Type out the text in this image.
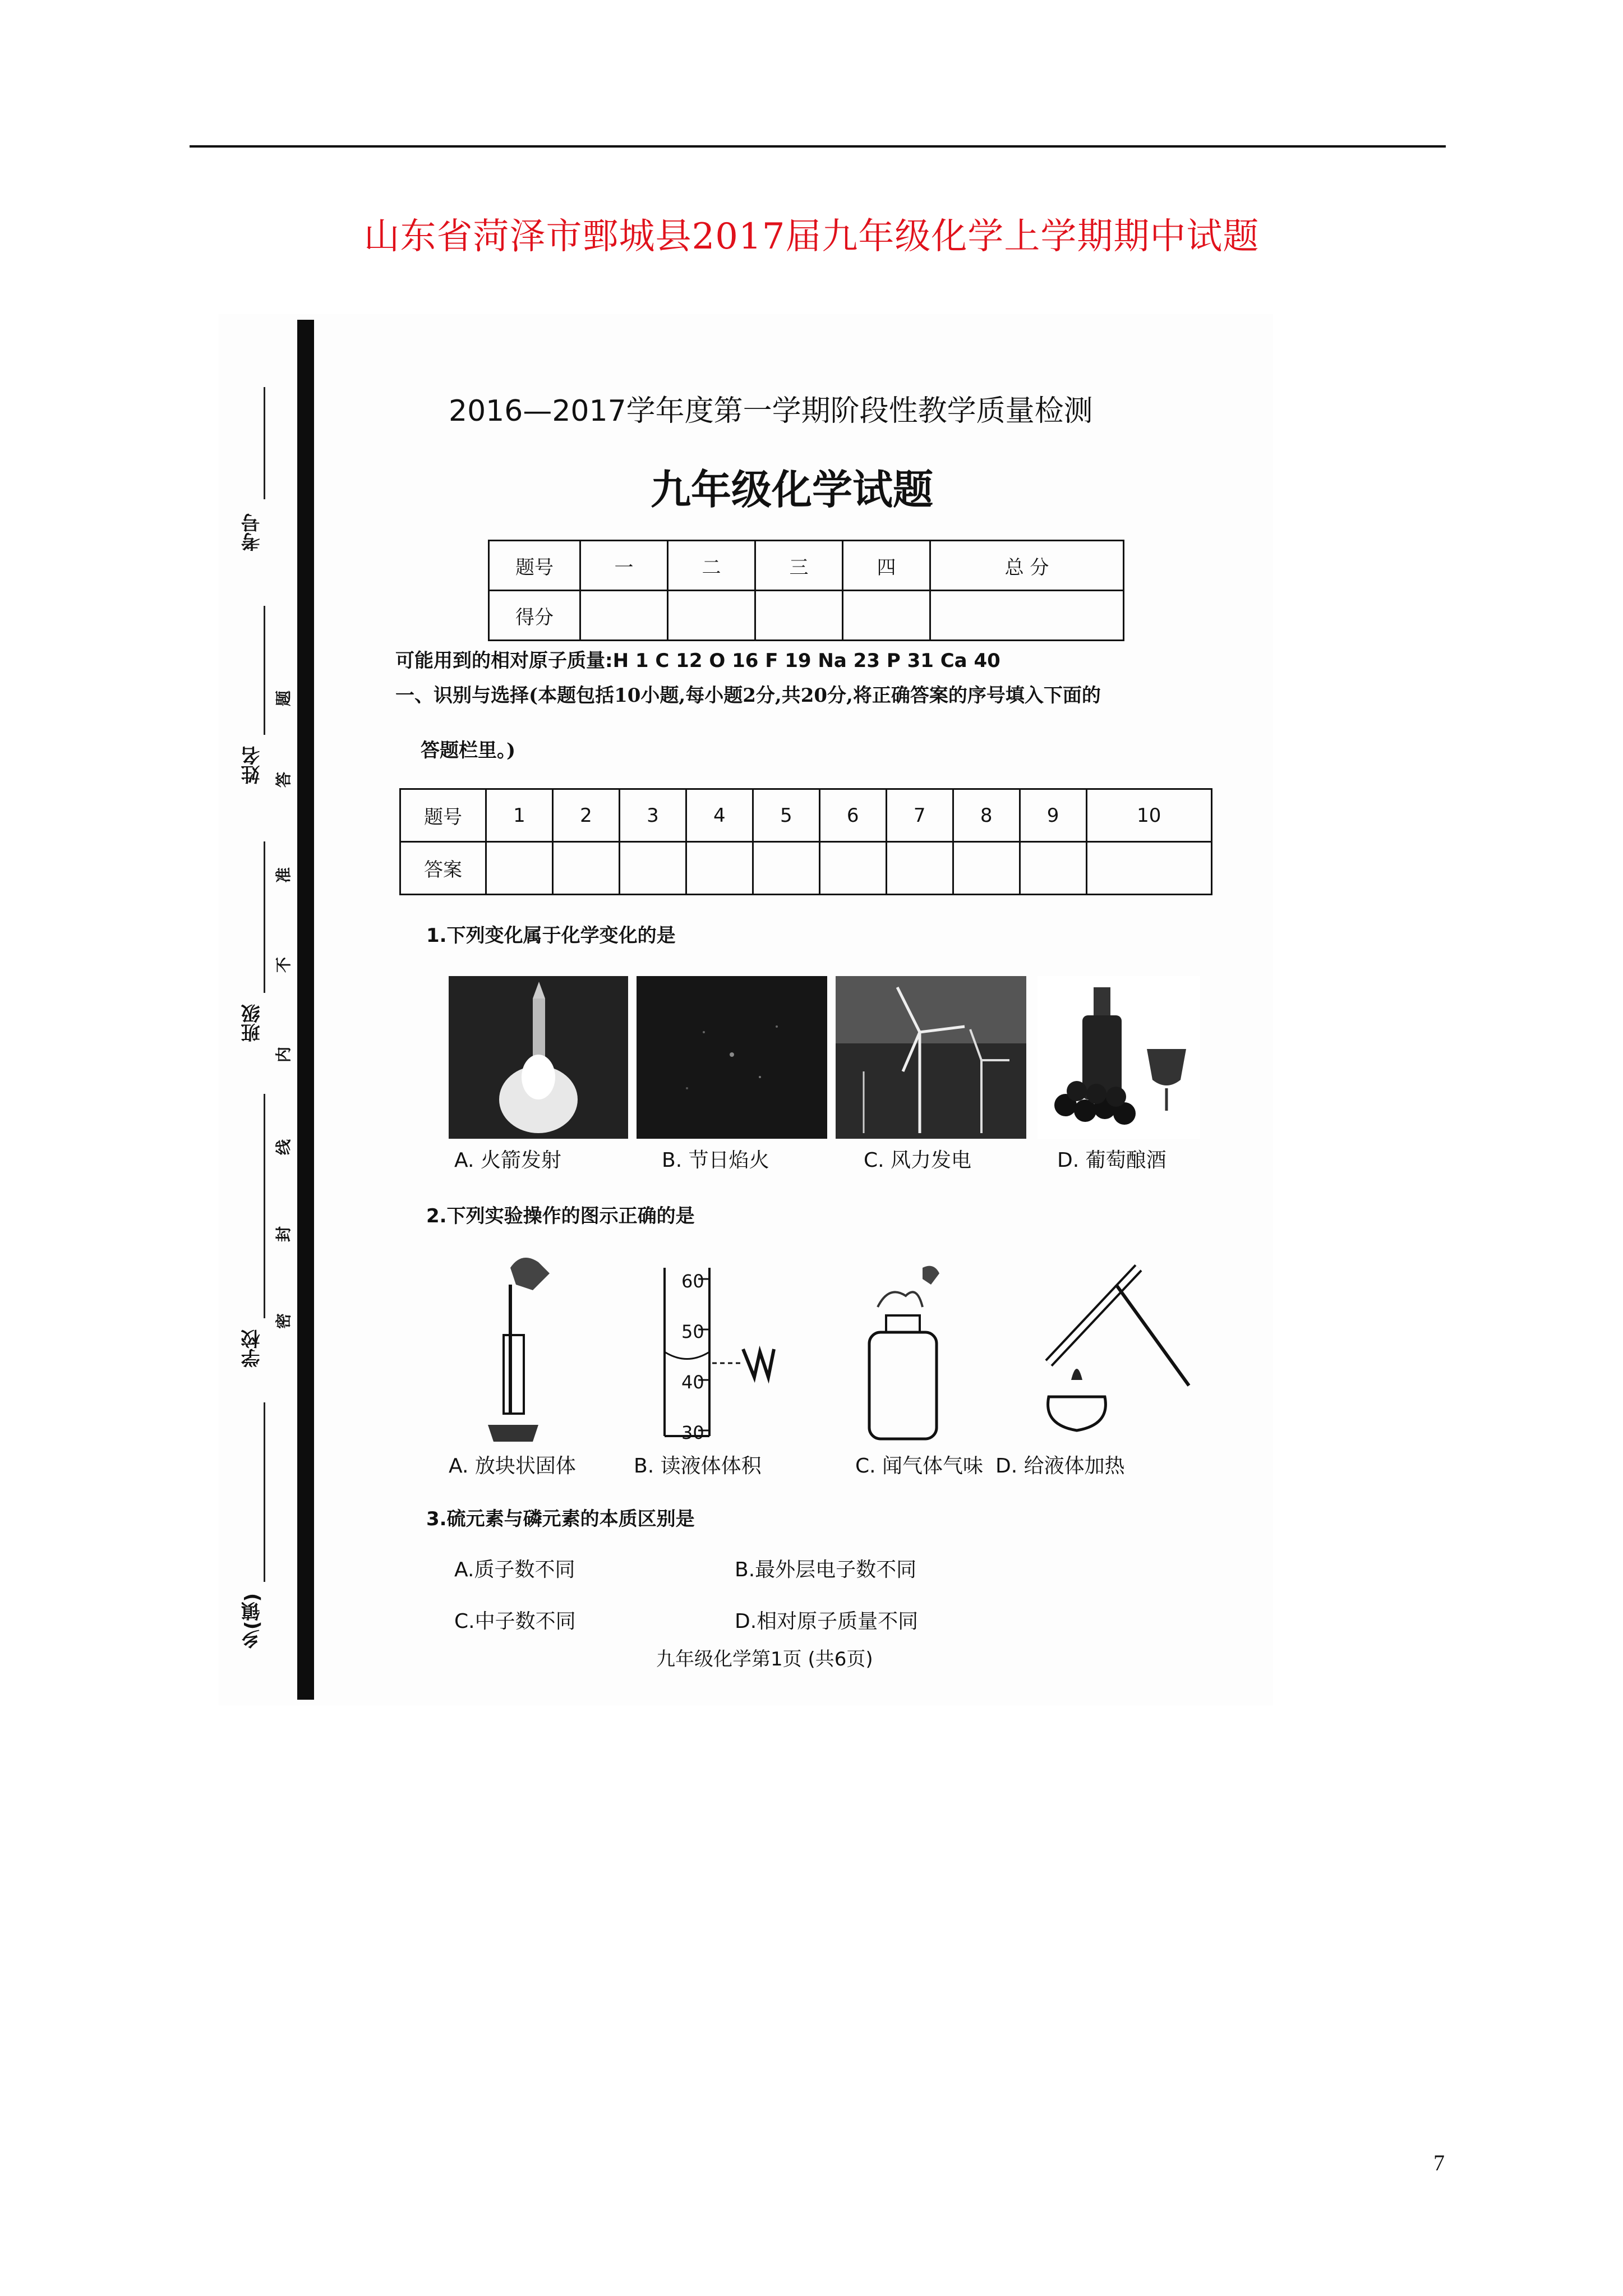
山东省菏泽市鄄城县2017届九年级化学上学期期中试题
考号
姓名
班级
学校
乡(镇)
题
答
准
不
内
线
封
密
2016—2017学年度第一学期阶段性教学质量检测
九年级化学试题
题号	一	二	三	四	总 分
得分					
可能用到的相对原子质量:H 1 C 12 O 16 F 19 Na 23 P 31 Ca 40
一、识别与选择(本题包括10小题,每小题2分,共20分,将正确答案的序号填入下面的
答题栏里。)
题号	1	2	3	4	5	6	7	8	9	10
答案										
1.下列变化属于化学变化的是
A. 火箭发射	B. 节日焰火	C. 风力发电	D. 葡萄酿酒
2.下列实验操作的图示正确的是
60
50
40
30
A. 放块状固体	B. 读液体体积	C. 闻气体气味 D. 给液体加热
3.硫元素与磷元素的本质区别是
A.质子数不同	B.最外层电子数不同
C.中子数不同	D.相对原子质量不同
九年级化学第1页 (共6页)
7
